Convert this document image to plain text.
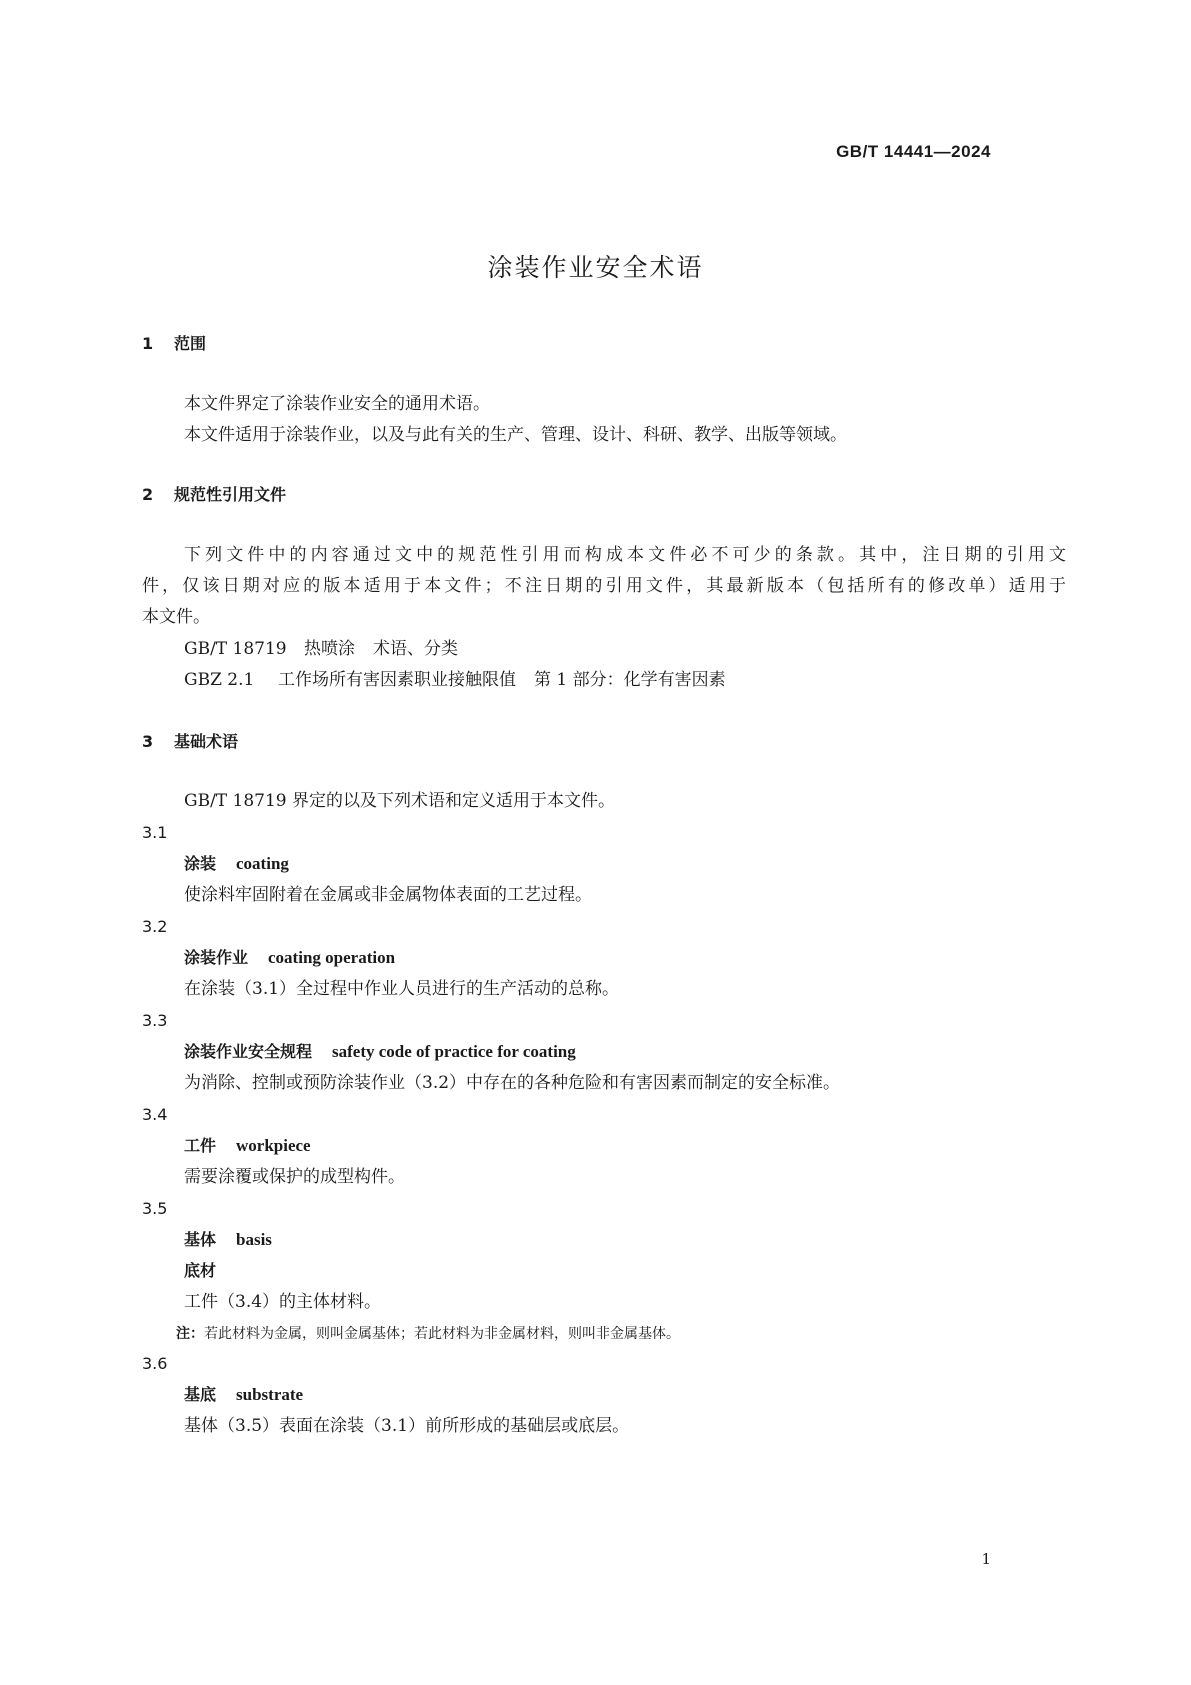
GB/T 14441—2024
涂装作业安全术语
1 范围
本文件界定了涂装作业安全的通用术语。
本文件适用于涂装作业，以及与此有关的生产、管理、设计、科研、教学、出版等领域。
2 规范性引用文件
下列文件中的内容通过文中的规范性引用而构成本文件必不可少的条款。其中，注日期的引用文
件，仅该日期对应的版本适用于本文件；不注日期的引用文件，其最新版本（包括所有的修改单）适用于
本文件。
GB/T 18719 热喷涂 术语、分类
GBZ 2.1 工作场所有害因素职业接触限值 第 1 部分：化学有害因素
3 基础术语
GB/T 18719 界定的以及下列术语和定义适用于本文件。
3.1
涂装 coating
使涂料牢固附着在金属或非金属物体表面的工艺过程。
3.2
涂装作业 coating operation
在涂装（3.1）全过程中作业人员进行的生产活动的总称。
3.3
涂装作业安全规程 safety code of practice for coating
为消除、控制或预防涂装作业（3.2）中存在的各种危险和有害因素而制定的安全标准。
3.4
工件 workpiece
需要涂覆或保护的成型构件。
3.5
基体 basis
底材
工件（3.4）的主体材料。
注：若此材料为金属，则叫金属基体；若此材料为非金属材料，则叫非金属基体。
3.6
基底 substrate
基体（3.5）表面在涂装（3.1）前所形成的基础层或底层。
1
